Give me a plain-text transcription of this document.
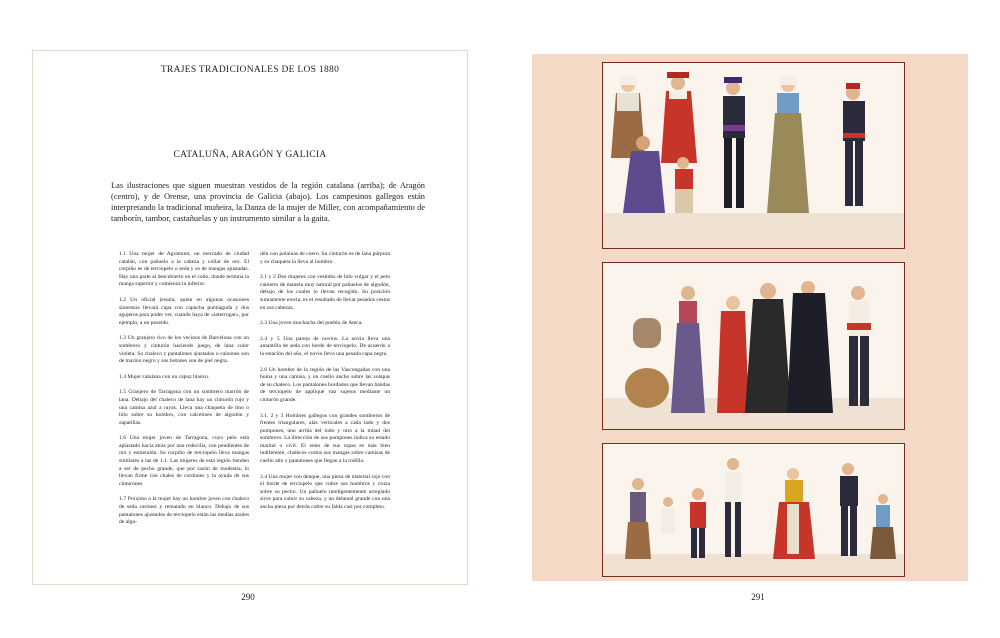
TRAJES TRADICIONALES DE LOS 1880
CATALUÑA, ARAGÓN Y GALICIA
Las ilustraciones que siguen muestran vestidos de la región catalana (arriba); de Aragón (centro), y de Orense, una provincia de Galicia (abajo). Los campesinos gallegos están interpretando la tradicional muñeira, la Danza de la mujer de Miller, con acompañamiento de tamborín, tambor, castañuelas y un instrumento similar a la gaita.

1.1 Una mujer de Agramunt, un mercado de ciudad catalán, con pañuelo a la cabeza y collar de oro. El corpiño es de terciopelo o seda y es de mangas ajustadas. Hay una parte al descubierto en el codo, donde termina la manga superior y comienza la inferior.

1.2 Un oficial jesuita, quien en algunas ocasiones siniestras llevará capa con capucha puntiaguda y dos agujeros para poder ver, cuando haya de «interrogar», por ejemplo, a un poseído.

1.3 Un granjero rico de los vecinos de Barcelona con un sombrero y cinturón haciendo juego, de lana color violeta. Su chaleco y pantalones ajustados o calzones son de marino negro y sus botones son de piel negra.

1.4 Mujer catalana con un capuz blanco.

1.5 Granjero de Tarragona con un sombrero marrón de lana. Debajo del chaleco de lana hay un cinturón rojo y una camisa azul a rayas. Lleva una chaqueta de lino o hilo sobre su hombro, con calcetines de algodón y zapatillas.

1.6 Una mujer joven de Tarragona, cuyo pelo está aplastado hacia atrás por una redecilla, con pendientes de oro y esmeralda. Su corpiño de terciopelo lleva mangas similares a las de 1.1. Las mujeres de esta región tienden a ser de pecho grande, que por razón de modestia, lo llevan firme con chales de cordones y la ayuda de sus cinturones.

1.7 Próximo a la mujer hay un hombre joven con chaleco de seda carmesí y rematado en blanco. Debajo de sus pantalones ajustados de terciopelo están las medias azules de algo-

dón con polainas de cuero. Su cinturón es de lana púrpura y su chaqueta la lleva al hombro.

2.1 y 2 Dos mujeres con vestidos de hilo vulgar y el pelo cubierto de manera muy natural por pañuelos de algodón, debajo de los cuales lo llevan recogido. Su posición sumamente erecta, es el resultado de llevar pesados cestos en sus cabezas.

2.3 Una joven muchacha del pueblo de Ateca.

2.4 y 5 Una pareja de novios. La novia lleva una amantilla de seda con borde de terciopelo. De acuerdo a la estación del año, el novio lleva una pesada capa negra.

2.6 Un hombre de la región de las Vascongadas con una boina y una camisa, y un cuello ancho sobre las solapas de su chaleco. Los pantalones bordados que llevan bandas de terciopelo de appliqué van sujetos mediante un cinturón grande.

3.1, 2 y 3 Hombres gallegos con grandes sombreros de frentes triangulares, alas verticales a cada lado y dos pompones, uno arriba del todo y otro a la mitad del sombrero. La dirección de sus pompones indica su estado marital o civil. El resto de sus ropas es más bien indiferente, chalecos cortos sus mangas sobre camisas de cuello alto y pantalones que llegan a la rodilla.

3.4 Una mujer con denque, una pieza de material rojo con el borde de terciopelo que cubre sus hombros y cruza sobre su pecho. Un pañuelo inteligentemente arreglado sirve para cubrir su cabeza, y un delantal grande con una ancha pieza por detrás cubre su falda casi por completo.

290	291
